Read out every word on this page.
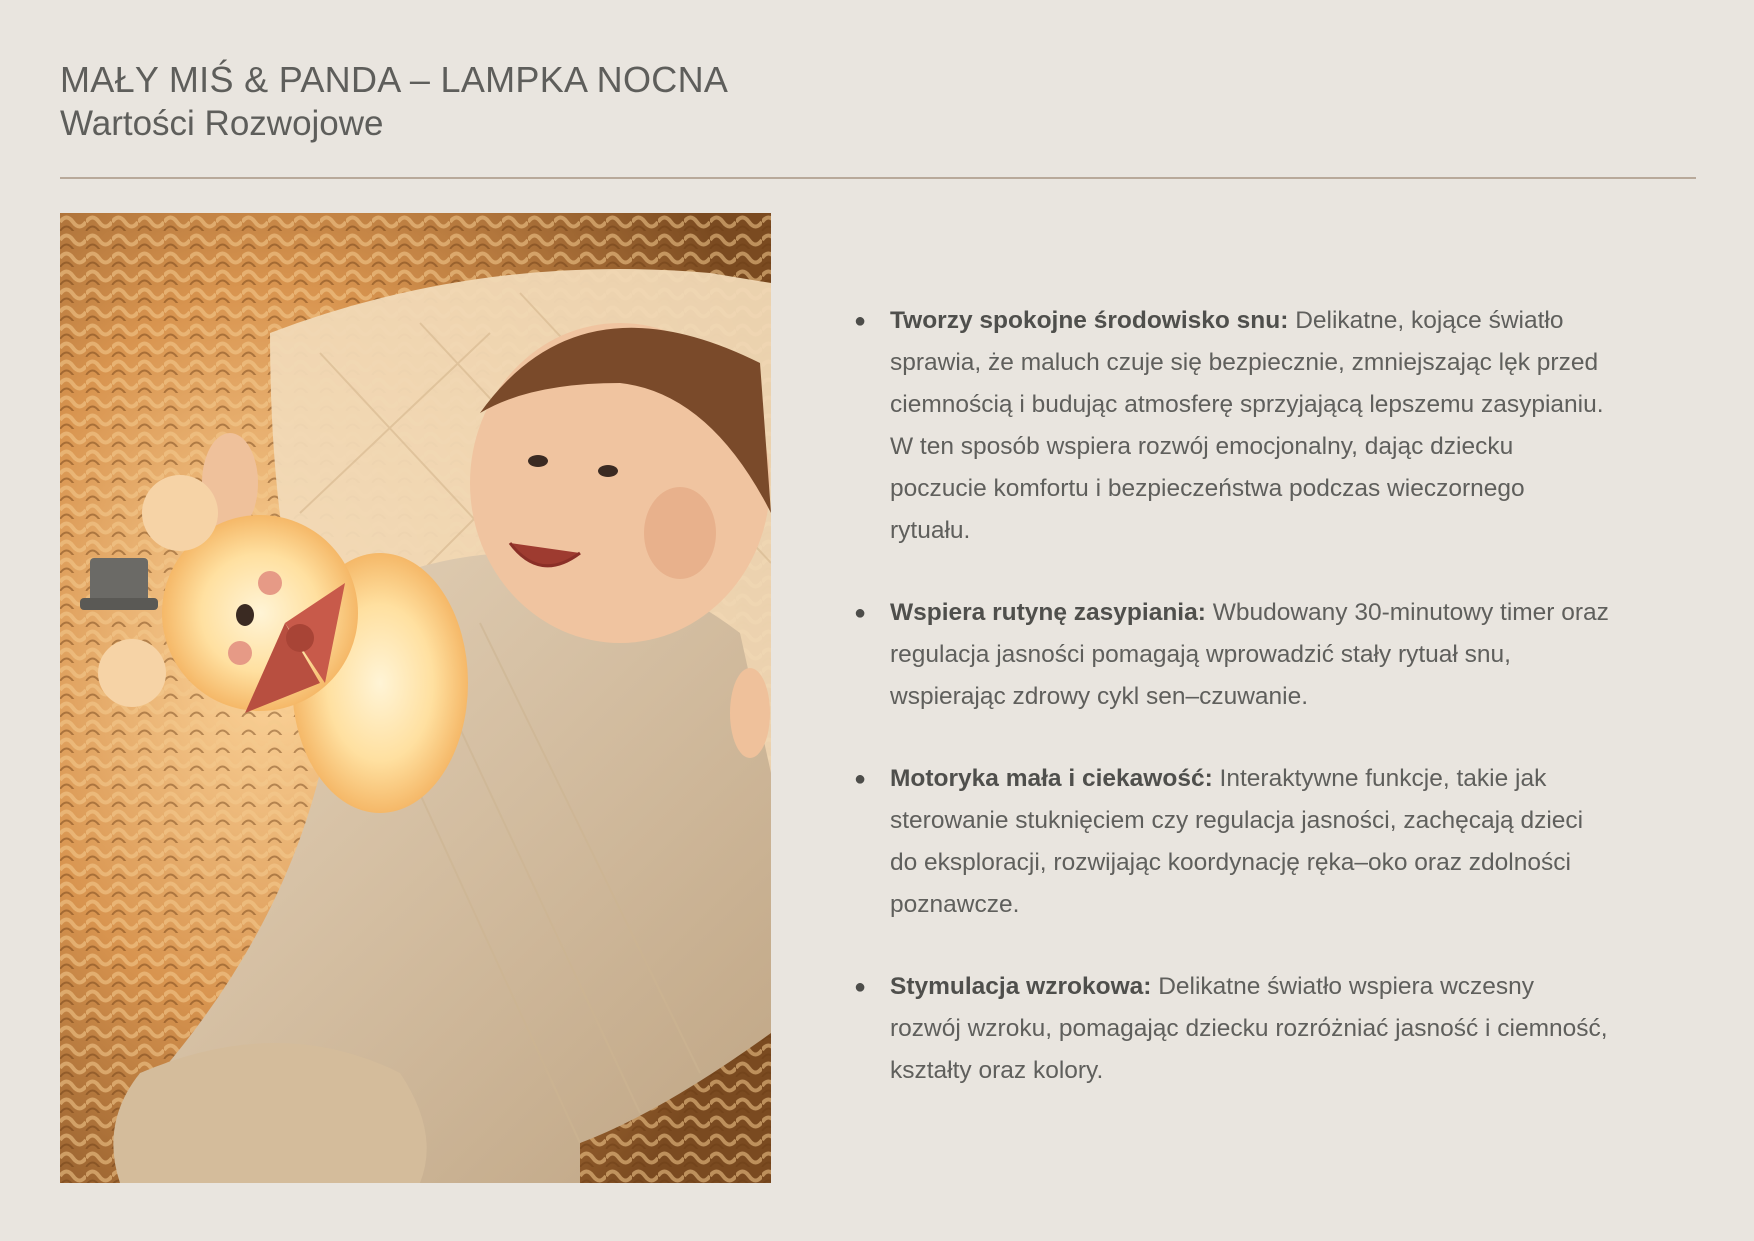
MAŁY MIŚ & PANDA – LAMPKA NOCNA
Wartości Rozwojowe
● Tworzy spokojne środowisko snu: Delikatne, kojące światło sprawia, że maluch czuje się bezpiecznie, zmniejszając lęk przed ciemnością i budując atmosferę sprzyjającą lepszemu zasypianiu. W ten sposób wspiera rozwój emocjonalny, dając dziecku poczucie komfortu i bezpieczeństwa podczas wieczornego rytuału.
● Wspiera rutynę zasypiania: Wbudowany 30-minutowy timer oraz regulacja jasności pomagają wprowadzić stały rytuał snu, wspierając zdrowy cykl sen–czuwanie.
● Motoryka mała i ciekawość: Interaktywne funkcje, takie jak sterowanie stuknięciem czy regulacja jasności, zachęcają dzieci do eksploracji, rozwijając koordynację ręka–oko oraz zdolności poznawcze.
● Stymulacja wzrokowa: Delikatne światło wspiera wczesny rozwój wzroku, pomagając dziecku rozróżniać jasność i ciemność, kształty oraz kolory.
